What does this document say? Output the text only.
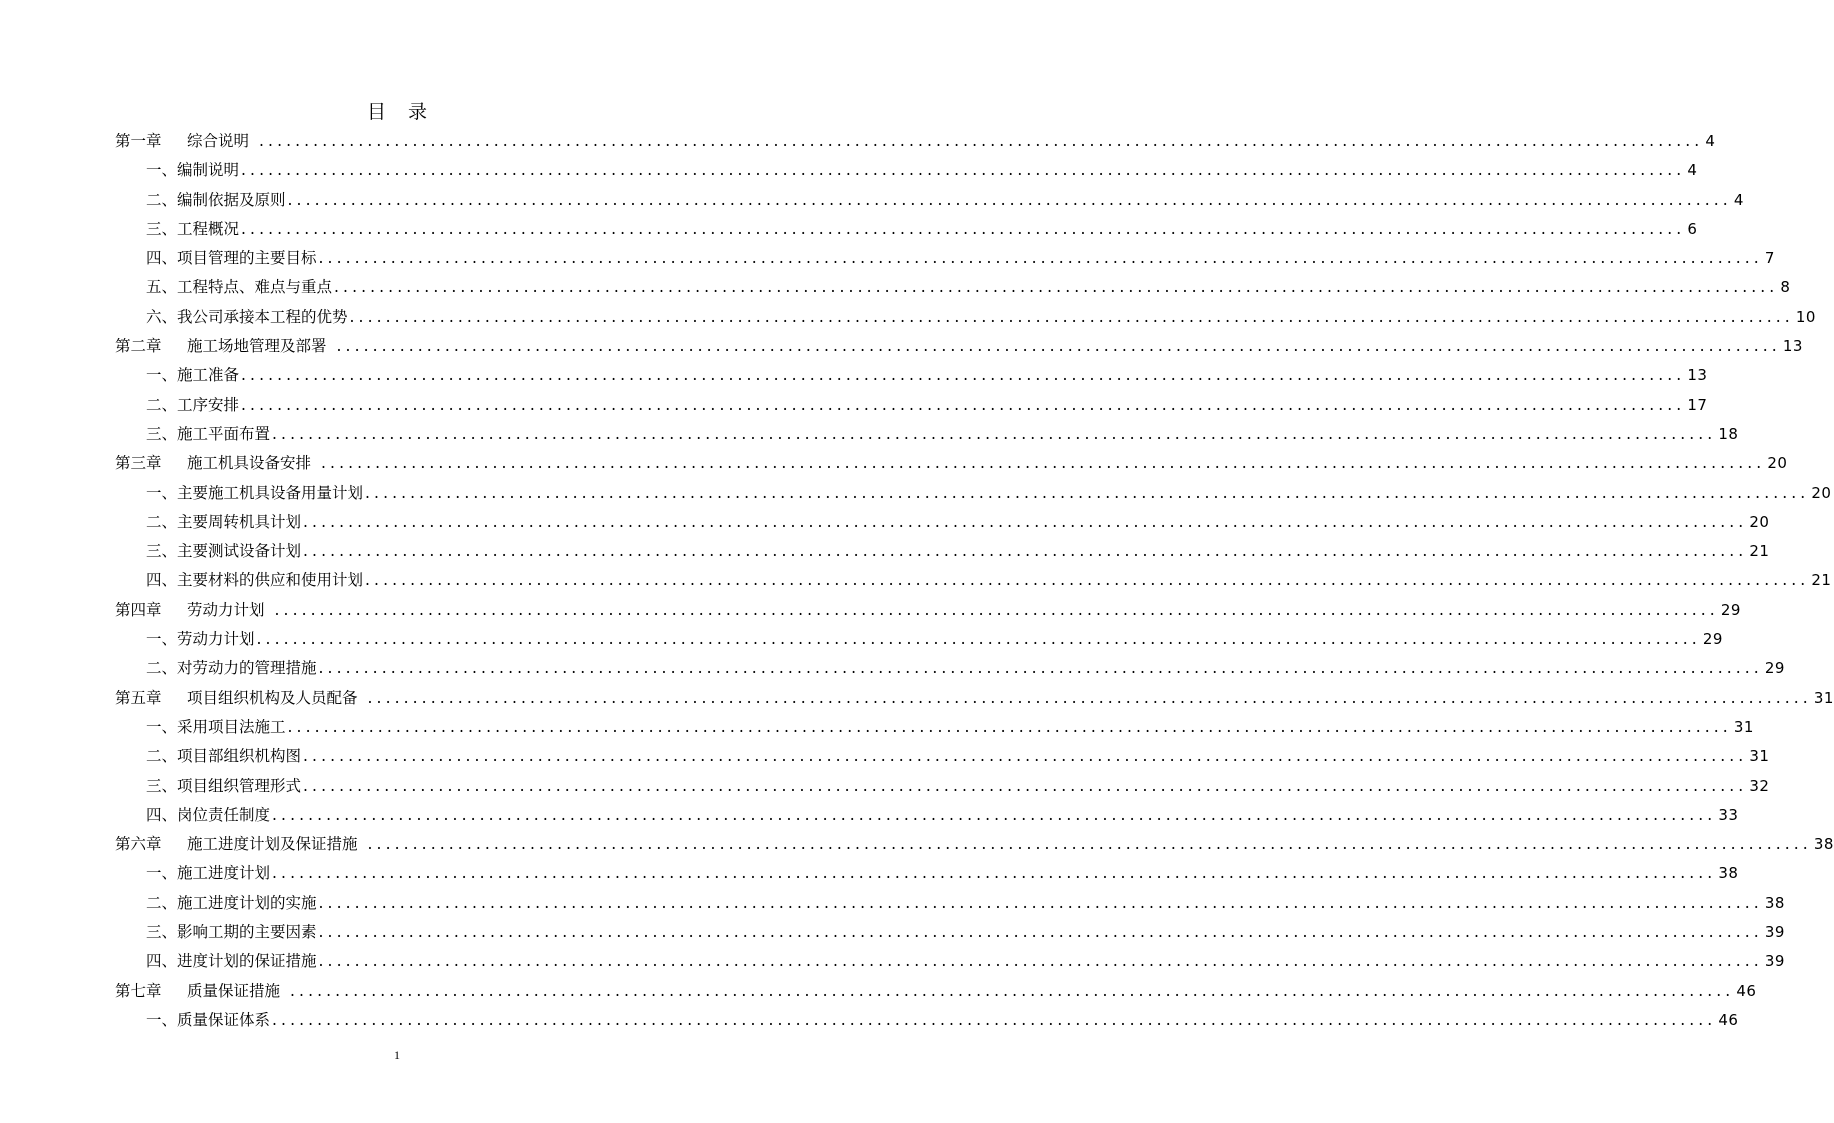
目录
第一章	综合说明 ................................................................................................................................................................ 4
一、编制说明 ................................................................................................................................................................ 4
二、编制依据及原则 ................................................................................................................................................................ 4
三、工程概况 ................................................................................................................................................................ 6
四、项目管理的主要目标 ................................................................................................................................................................ 7
五、工程特点、难点与重点 ................................................................................................................................................................ 8
六、我公司承接本工程的优势 ................................................................................................................................................................ 10
第二章	施工场地管理及部署 ................................................................................................................................................................ 13
一、施工准备 ................................................................................................................................................................ 13
二、工序安排 ................................................................................................................................................................ 17
三、施工平面布置 ................................................................................................................................................................ 18
第三章	施工机具设备安排 ................................................................................................................................................................ 20
一、主要施工机具设备用量计划 ................................................................................................................................................................ 20
二、主要周转机具计划 ................................................................................................................................................................ 20
三、主要测试设备计划 ................................................................................................................................................................ 21
四、主要材料的供应和使用计划 ................................................................................................................................................................ 21
第四章	劳动力计划 ................................................................................................................................................................ 29
一、劳动力计划 ................................................................................................................................................................ 29
二、对劳动力的管理措施 ................................................................................................................................................................ 29
第五章	项目组织机构及人员配备 ................................................................................................................................................................ 31
一、采用项目法施工 ................................................................................................................................................................ 31
二、项目部组织机构图 ................................................................................................................................................................ 31
三、项目组织管理形式 ................................................................................................................................................................ 32
四、岗位责任制度 ................................................................................................................................................................ 33
第六章	施工进度计划及保证措施 ................................................................................................................................................................ 38
一、施工进度计划 ................................................................................................................................................................ 38
二、施工进度计划的实施 ................................................................................................................................................................ 38
三、影响工期的主要因素 ................................................................................................................................................................ 39
四、进度计划的保证措施 ................................................................................................................................................................ 39
第七章	质量保证措施 ................................................................................................................................................................ 46
一、质量保证体系 ................................................................................................................................................................ 46
1
